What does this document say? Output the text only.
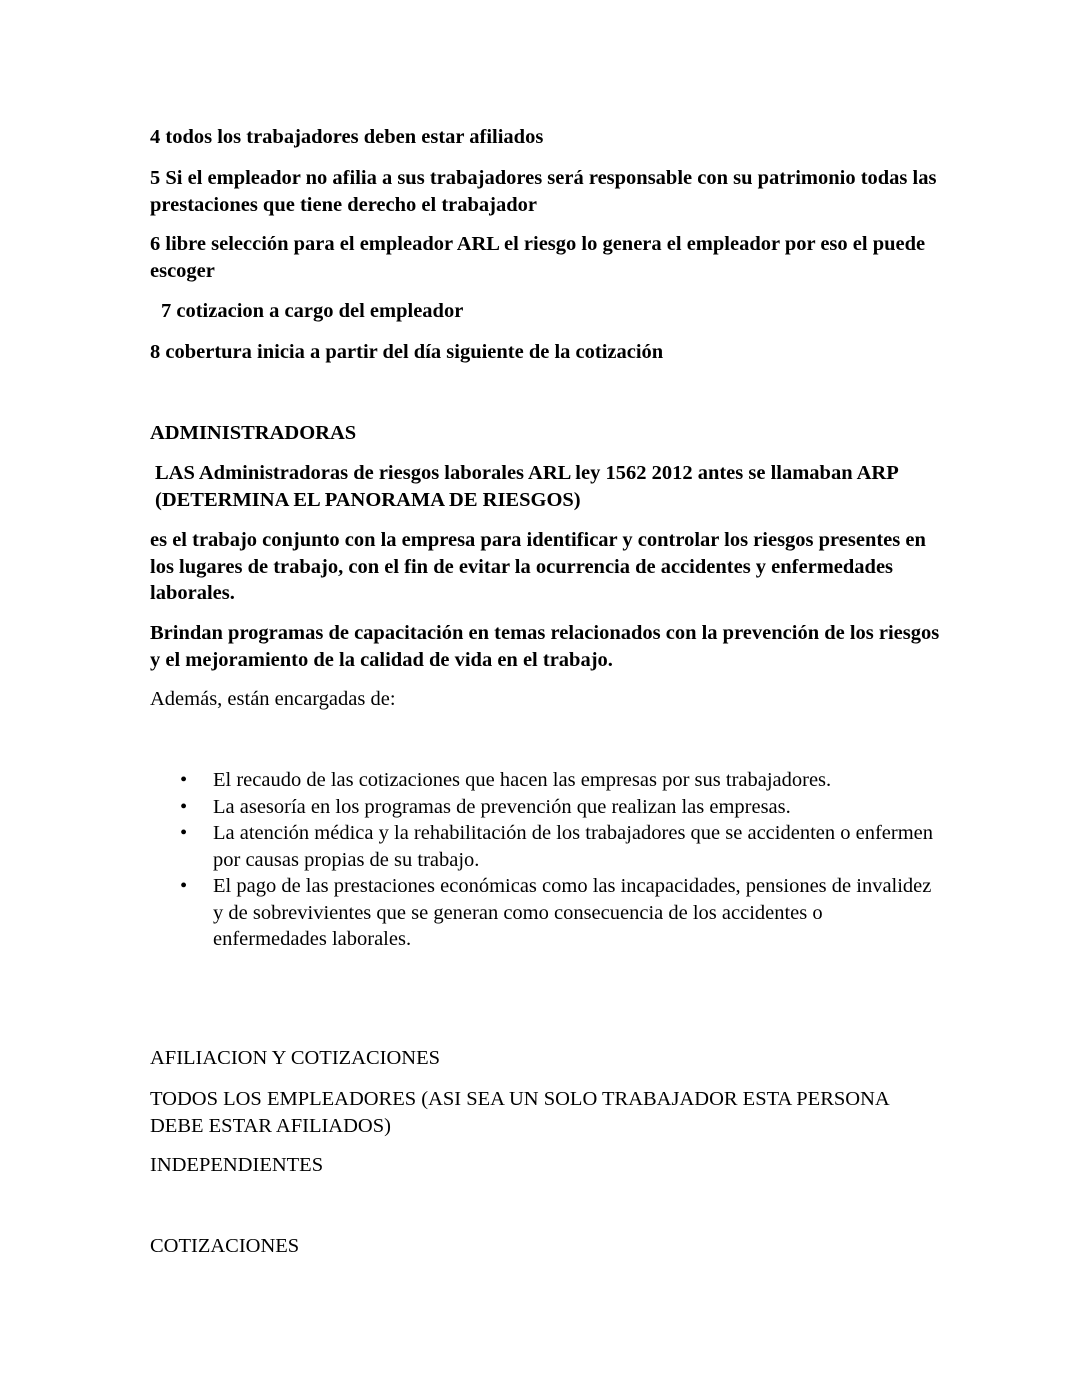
4 todos los trabajadores deben estar afiliados

5 Si el empleador no afilia a sus trabajadores será responsable con su patrimonio todas las prestaciones que tiene derecho el trabajador

6 libre selección para el empleador ARL el riesgo lo genera el empleador por eso el puede escoger

7 cotizacion a cargo del empleador

8 cobertura inicia a partir del día siguiente de la cotización

ADMINISTRADORAS

LAS Administradoras de riesgos laborales ARL ley 1562 2012 antes se llamaban ARP (DETERMINA EL PANORAMA DE RIESGOS)

es el trabajo conjunto con la empresa para identificar y controlar los riesgos presentes en los lugares de trabajo, con el fin de evitar la ocurrencia de accidentes y enfermedades laborales.

Brindan programas de capacitación en temas relacionados con la prevención de los riesgos y el mejoramiento de la calidad de vida en el trabajo.

Además, están encargadas de:

• El recaudo de las cotizaciones que hacen las empresas por sus trabajadores.
• La asesoría en los programas de prevención que realizan las empresas.
• La atención médica y la rehabilitación de los trabajadores que se accidenten o enfermen por causas propias de su trabajo.
• El pago de las prestaciones económicas como las incapacidades, pensiones de invalidez y de sobrevivientes que se generan como consecuencia de los accidentes o enfermedades laborales.

AFILIACION Y COTIZACIONES

TODOS LOS EMPLEADORES (ASI SEA UN SOLO TRABAJADOR ESTA PERSONA DEBE ESTAR AFILIADOS)

INDEPENDIENTES

COTIZACIONES
